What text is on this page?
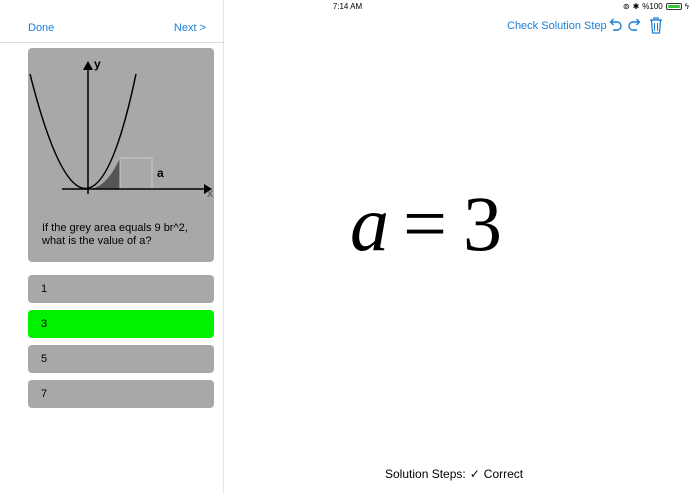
7:14 AM	⊚ ✱ %100	ϟ
Done	Next >
y
x
a
If the grey area equals 9 br^2,
what is the value of a?
1
3
5
7
Check Solution Step
a = 3
Solution Steps: ✓ Correct
